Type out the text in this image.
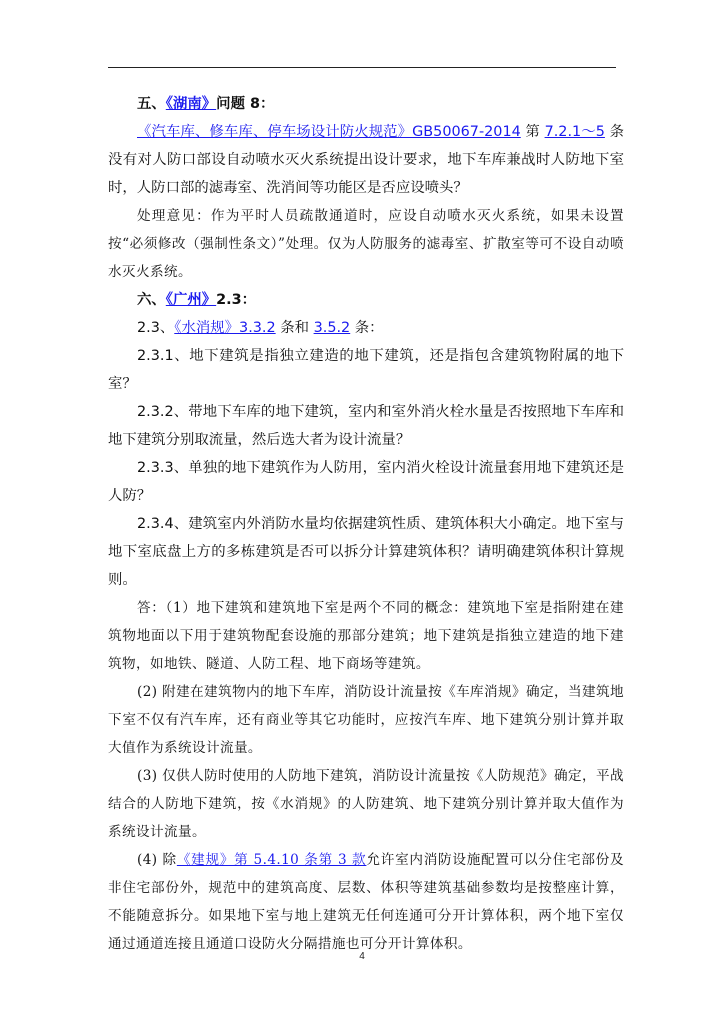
五、《湖南》问题 8：

《汽车库、修车库、停车场设计防火规范》GB50067-2014 第 7.2.1～5 条没有对人防口部设自动喷水灭火系统提出设计要求，地下车库兼战时人防地下室时，人防口部的滤毒室、洗消间等功能区是否应设喷头？

处理意见：作为平时人员疏散通道时，应设自动喷水灭火系统，如果未设置按“必须修改（强制性条文）”处理。仅为人防服务的滤毒室、扩散室等可不设自动喷水灭火系统。

六、《广州》2.3：

2.3、《水消规》3.3.2 条和 3.5.2 条：

2.3.1、地下建筑是指独立建造的地下建筑，还是指包含建筑物附属的地下室？

2.3.2、带地下车库的地下建筑，室内和室外消火栓水量是否按照地下车库和地下建筑分别取流量，然后选大者为设计流量？

2.3.3、单独的地下建筑作为人防用，室内消火栓设计流量套用地下建筑还是人防？

2.3.4、建筑室内外消防水量均依据建筑性质、建筑体积大小确定。地下室与地下室底盘上方的多栋建筑是否可以拆分计算建筑体积？请明确建筑体积计算规则。

答：（1）地下建筑和建筑地下室是两个不同的概念：建筑地下室是指附建在建筑物地面以下用于建筑物配套设施的那部分建筑；地下建筑是指独立建造的地下建筑物，如地铁、隧道、人防工程、地下商场等建筑。

(2) 附建在建筑物内的地下车库，消防设计流量按《车库消规》确定，当建筑地下室不仅有汽车库，还有商业等其它功能时，应按汽车库、地下建筑分别计算并取大值作为系统设计流量。

(3) 仅供人防时使用的人防地下建筑，消防设计流量按《人防规范》确定，平战结合的人防地下建筑，按《水消规》的人防建筑、地下建筑分别计算并取大值作为系统设计流量。

(4) 除《建规》第 5.4.10 条第 3 款允许室内消防设施配置可以分住宅部份及非住宅部份外，规范中的建筑高度、层数、体积等建筑基础参数均是按整座计算，不能随意拆分。如果地下室与地上建筑无任何连通可分开计算体积，两个地下室仅通过通道连接且通道口设防火分隔措施也可分开计算体积。

4
